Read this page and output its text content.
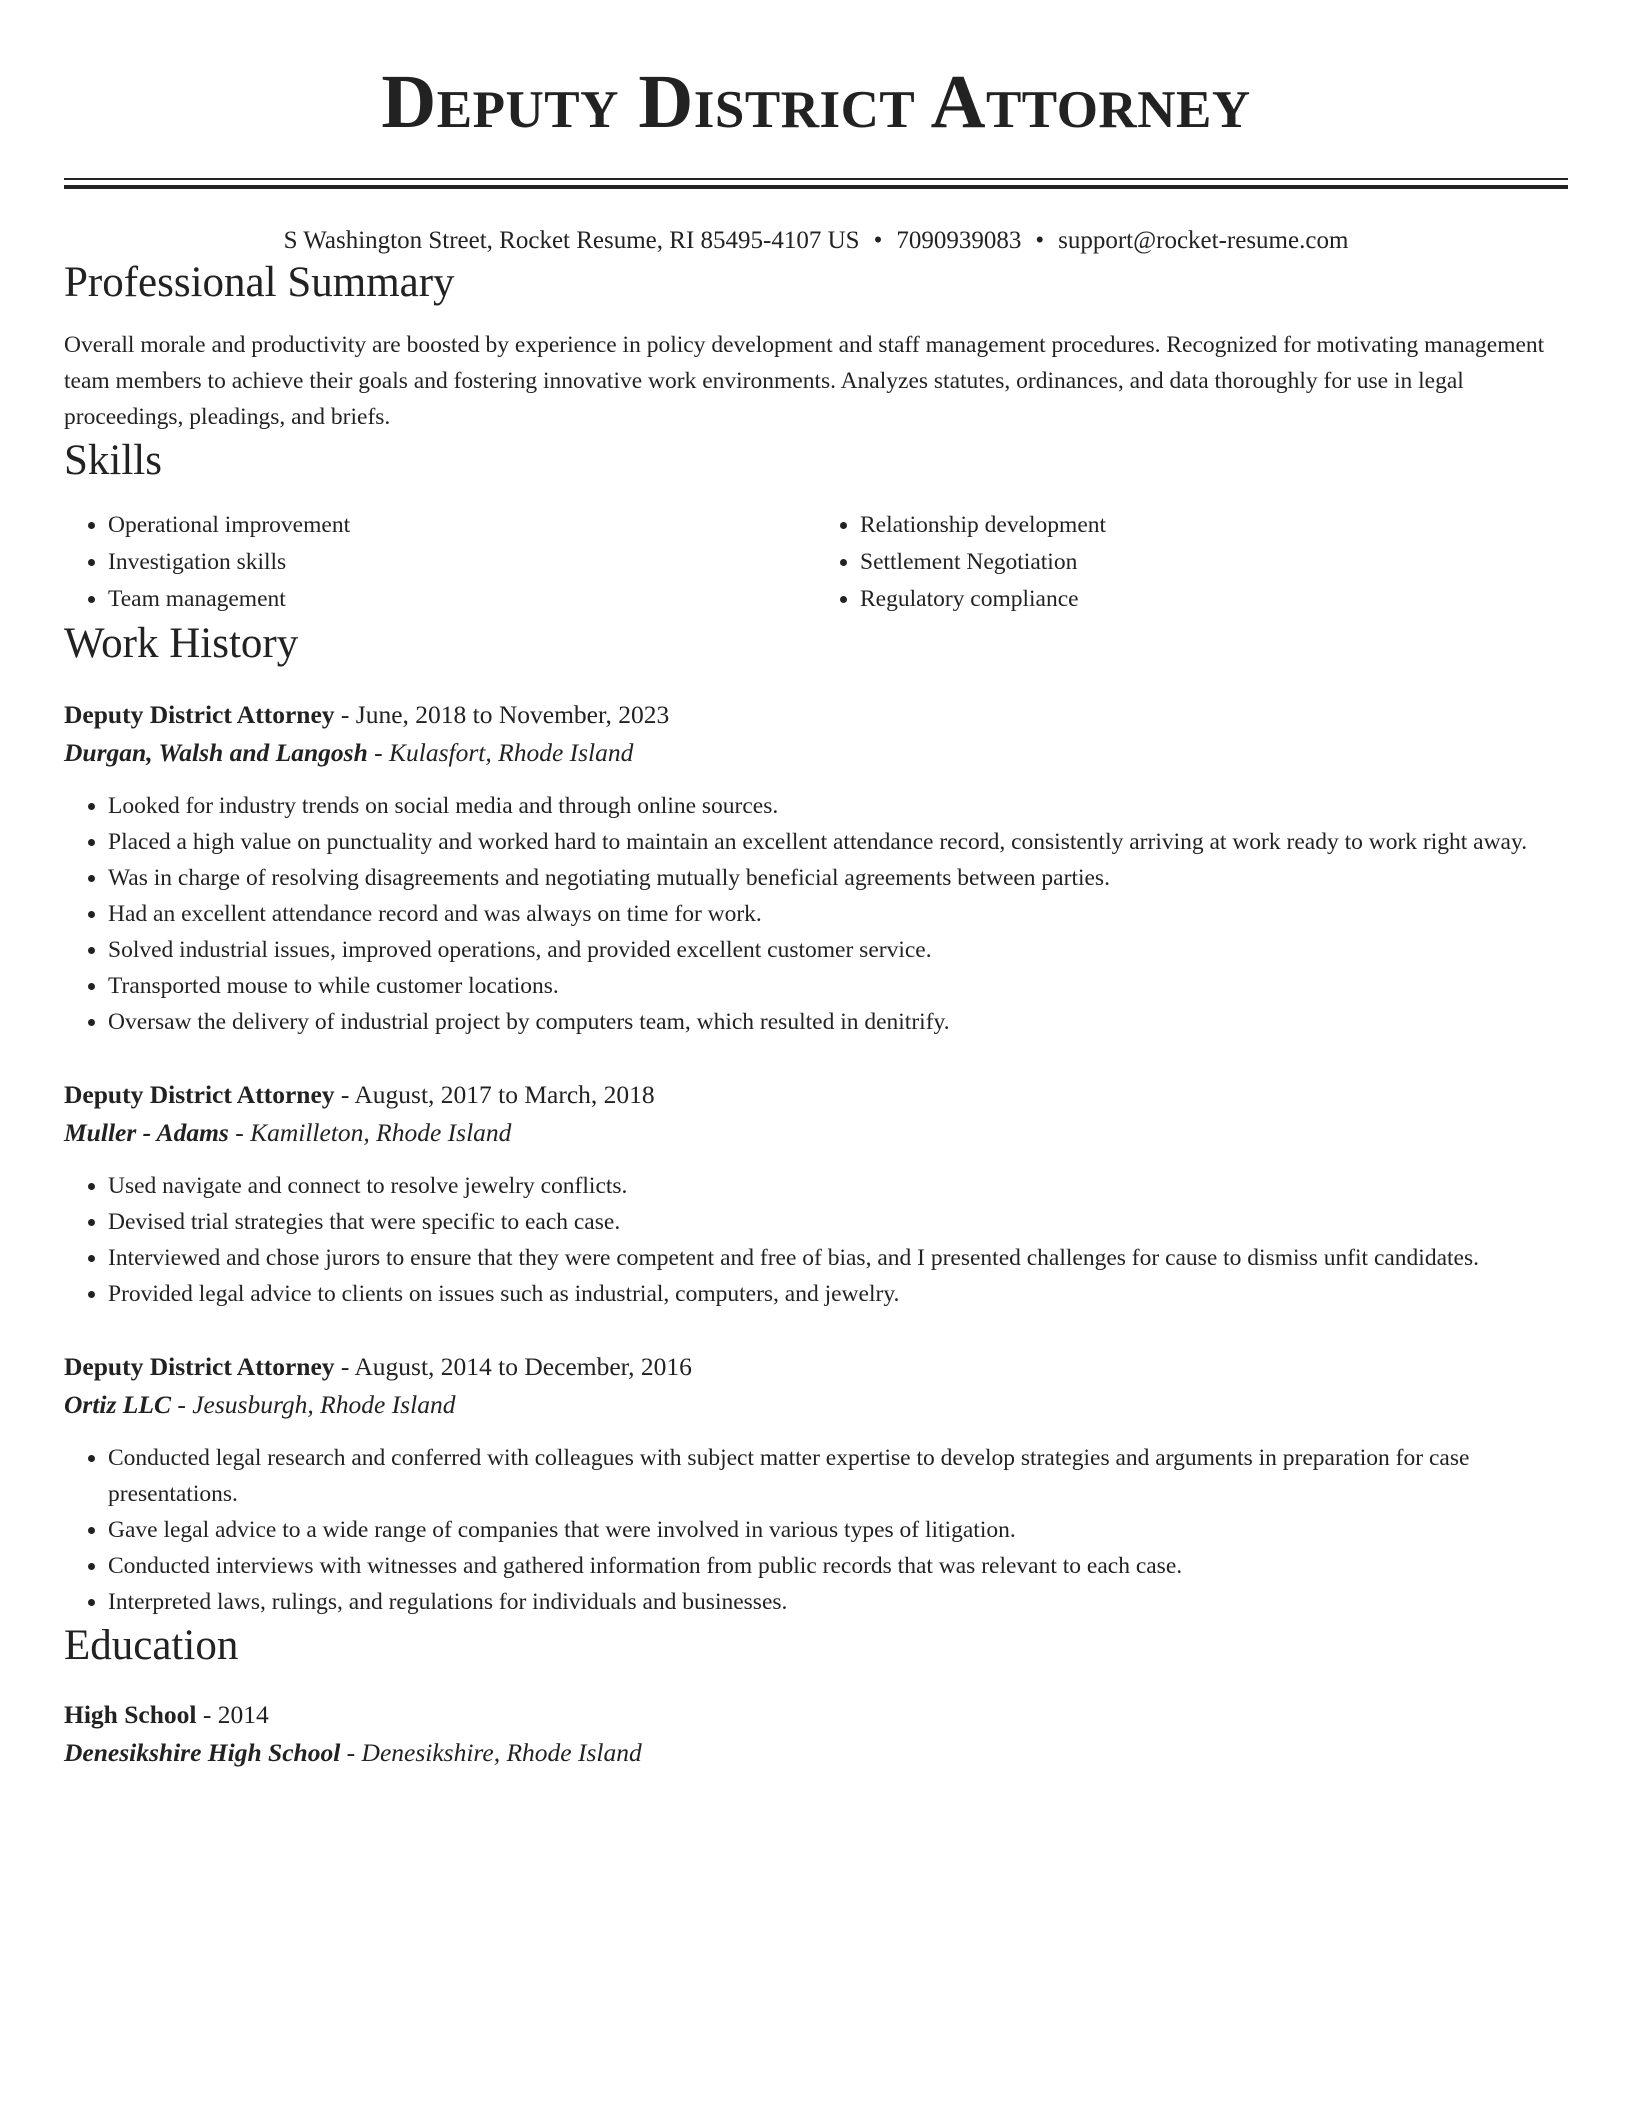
Deputy District Attorney
S Washington Street, Rocket Resume, RI 85495-4107 US • 7090939083 • support@rocket-resume.com
Professional Summary
Overall morale and productivity are boosted by experience in policy development and staff management procedures. Recognized for motivating management team members to achieve their goals and fostering innovative work environments. Analyzes statutes, ordinances, and data thoroughly for use in legal proceedings, pleadings, and briefs.
Skills
• Operational improvement
• Investigation skills
• Team management
• Relationship development
• Settlement Negotiation
• Regulatory compliance
Work History
Deputy District Attorney - June, 2018 to November, 2023
Durgan, Walsh and Langosh - Kulasfort, Rhode Island
• Looked for industry trends on social media and through online sources.
• Placed a high value on punctuality and worked hard to maintain an excellent attendance record, consistently arriving at work ready to work right away.
• Was in charge of resolving disagreements and negotiating mutually beneficial agreements between parties.
• Had an excellent attendance record and was always on time for work.
• Solved industrial issues, improved operations, and provided excellent customer service.
• Transported mouse to while customer locations.
• Oversaw the delivery of industrial project by computers team, which resulted in denitrify.
Deputy District Attorney - August, 2017 to March, 2018
Muller - Adams - Kamilleton, Rhode Island
• Used navigate and connect to resolve jewelry conflicts.
• Devised trial strategies that were specific to each case.
• Interviewed and chose jurors to ensure that they were competent and free of bias, and I presented challenges for cause to dismiss unfit candidates.
• Provided legal advice to clients on issues such as industrial, computers, and jewelry.
Deputy District Attorney - August, 2014 to December, 2016
Ortiz LLC - Jesusburgh, Rhode Island
• Conducted legal research and conferred with colleagues with subject matter expertise to develop strategies and arguments in preparation for case presentations.
• Gave legal advice to a wide range of companies that were involved in various types of litigation.
• Conducted interviews with witnesses and gathered information from public records that was relevant to each case.
• Interpreted laws, rulings, and regulations for individuals and businesses.
Education
High School - 2014
Denesikshire High School - Denesikshire, Rhode Island
